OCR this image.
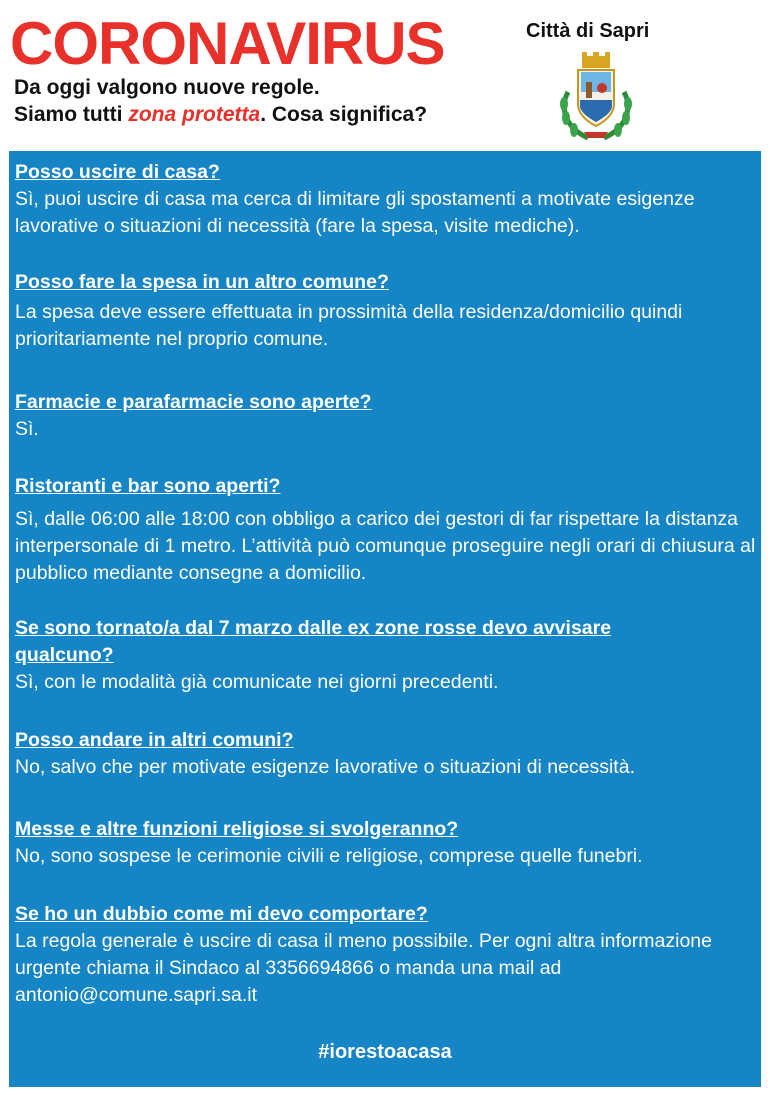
CORONAVIRUS
Da oggi valgono nuove regole.
Siamo tutti zona protetta. Cosa significa?
Città di Sapri
Posso uscire di casa?
Sì, puoi uscire di casa ma cerca di limitare gli spostamenti a motivate esigenze lavorative o situazioni di necessità (fare la spesa, visite mediche).
Posso fare la spesa in un altro comune?
La spesa deve essere effettuata in prossimità della residenza/domicilio quindi prioritariamente nel proprio comune.
Farmacie e parafarmacie sono aperte?
Sì.
Ristoranti e bar sono aperti?
Sì, dalle 06:00 alle 18:00 con obbligo a carico dei gestori di far rispettare la distanza interpersonale di 1 metro. L’attività può comunque proseguire negli orari di chiusura al pubblico mediante consegne a domicilio.
Se sono tornato/a dal 7 marzo dalle ex zone rosse devo avvisare qualcuno?
Sì, con le modalità già comunicate nei giorni precedenti.
Posso andare in altri comuni?
No, salvo che per motivate esigenze lavorative o situazioni di necessità.
Messe e altre funzioni religiose si svolgeranno?
No, sono sospese le cerimonie civili e religiose, comprese quelle funebri.
Se ho un dubbio come mi devo comportare?
La regola generale è uscire di casa il meno possibile. Per ogni altra informazione urgente chiama il Sindaco al 3356694866 o manda una mail ad antonio@comune.sapri.sa.it
#iorestoacasa
